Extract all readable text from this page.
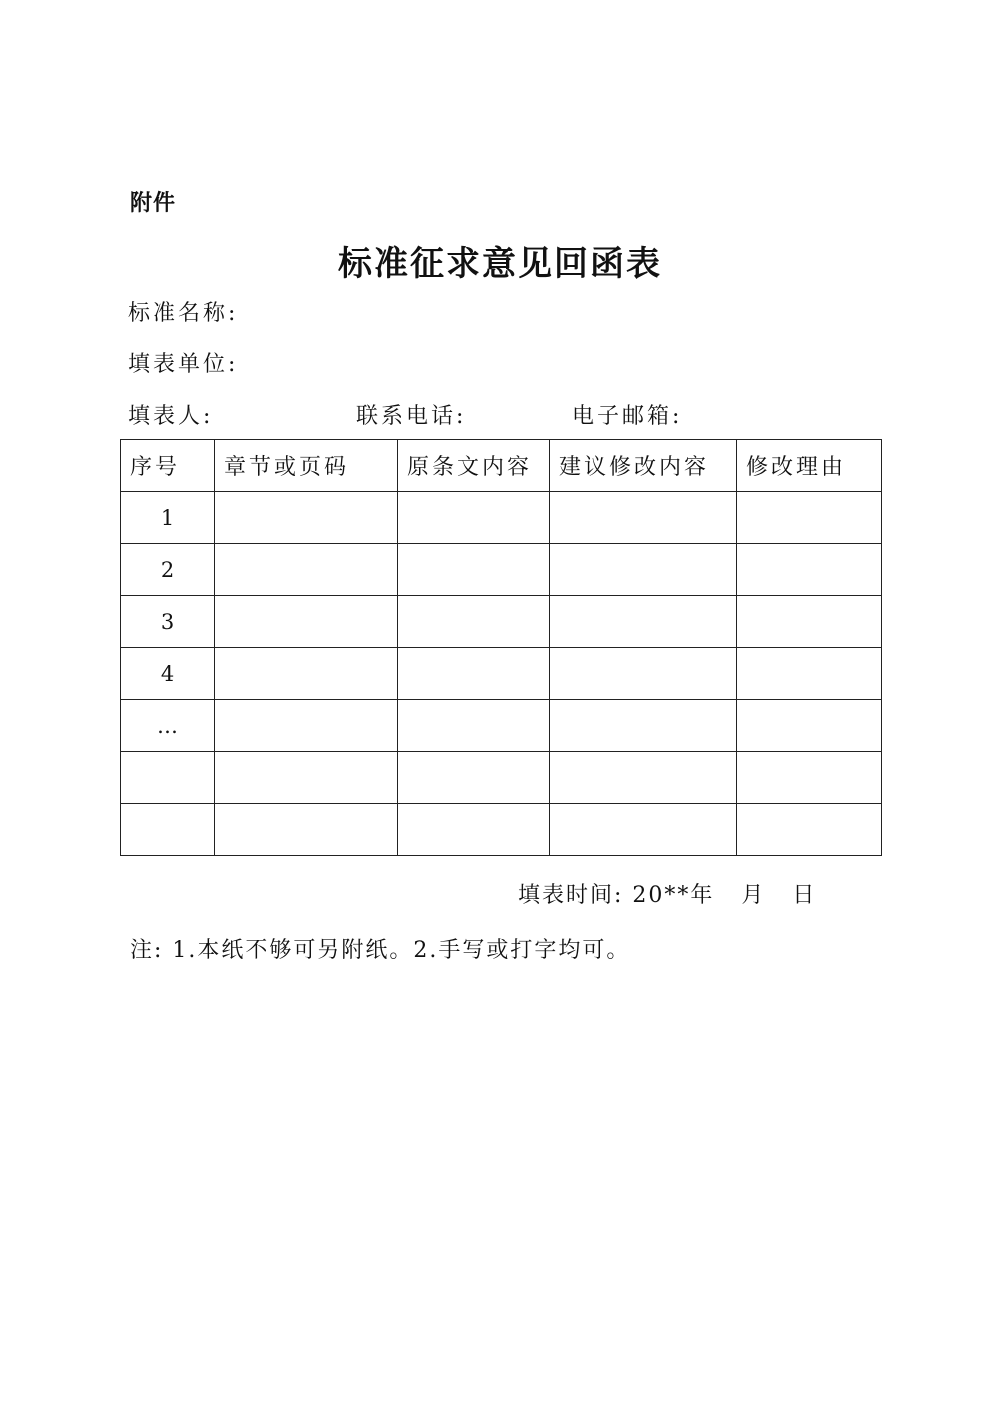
附件
标准征求意见回函表
标准名称:
填表单位:
填表人:	联系电话:	电子邮箱:
序号	章节或页码	原条文内容	建议修改内容	修改理由
1				
2				
3				
4				
…				

填表时间: 20**年   月   日
注: 1.本纸不够可另附纸。2.手写或打字均可。
